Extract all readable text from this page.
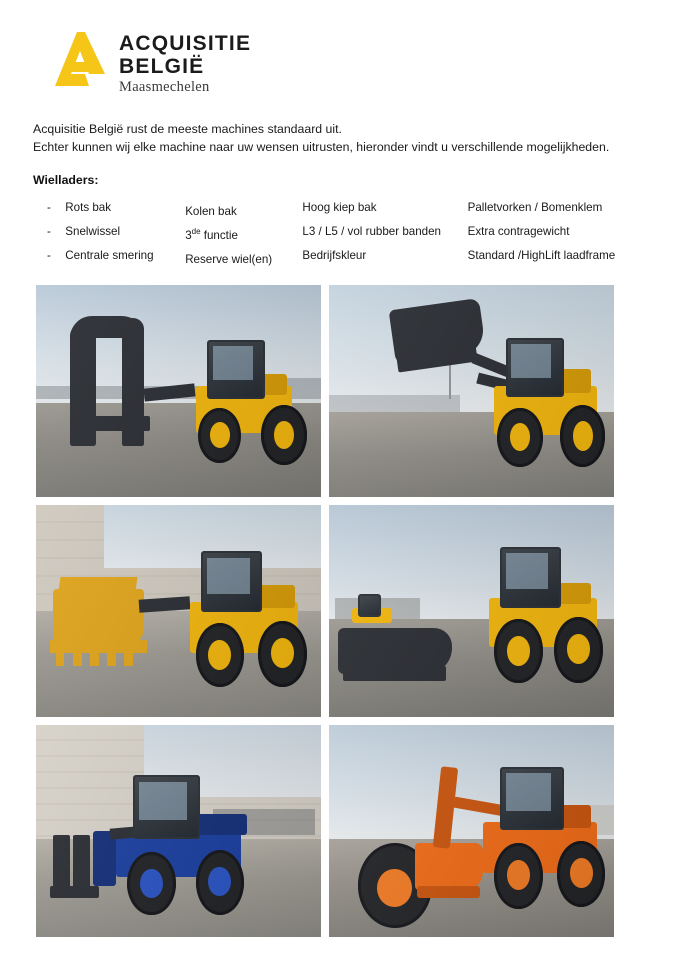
ACQUISITIE
BELGIË
Maasmechelen

Acquisitie België rust de meeste machines standaard uit.

Echter kunnen wij elke machine naar uw wensen uitrusten, hieronder vindt u verschillende mogelijkheden.

Wielladers:
-	Rots bak	Kolen bak	Hoog kiep bak	Palletvorken / Bomenklem
-	Snelwissel	3de functie	L3 / L5 / vol rubber banden	Extra contragewicht
-	Centrale smering	Reserve wiel(en)	Bedrijfskleur	Standard /HighLift laadframe
